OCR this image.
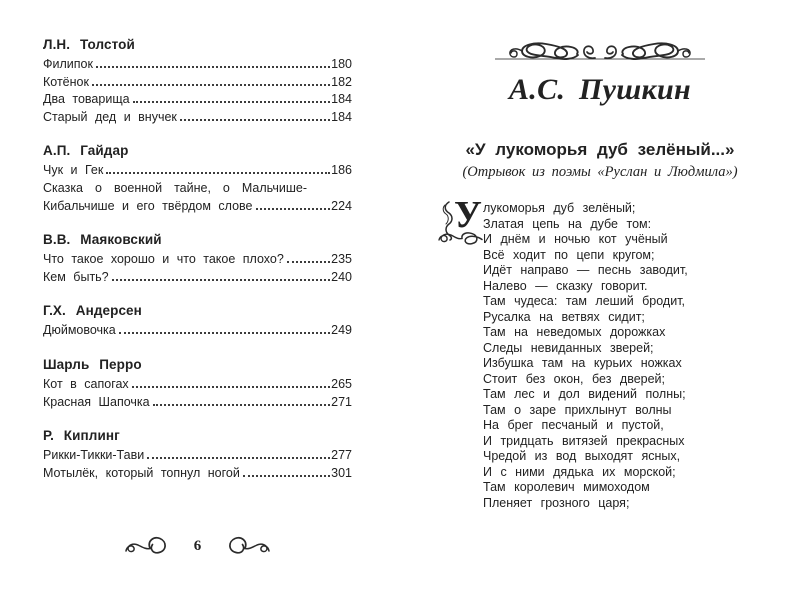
Л.Н. Толстой
Филипок	180
Котёнок	182
Два товарища	184
Старый дед и внучек	184
А.П. Гайдар
Чук и Гек	186
Сказка о военной тайне, о Мальчише-
Кибальчише и его твёрдом слове	224
В.В. Маяковский
Что такое хорошо и что такое плохо?	235
Кем быть?	240
Г.Х. Андерсен
Дюймовочка	249
Шарль Перро
Кот в сапогах	265
Красная Шапочка	271
Р. Киплинг
Рикки-Тикки-Тави	277
Мотылёк, который топнул ногой	301
6
А.С. Пушкин
«У лукоморья дуб зелёный...»
(Отрывок из поэмы «Руслан и Людмила»)
У лукоморья дуб зелёный;
Златая цепь на дубе том:
И днём и ночью кот учёный
Всё ходит по цепи кругом;
Идёт направо — песнь заводит,
Налево — сказку говорит.
Там чудеса: там леший бродит,
Русалка на ветвях сидит;
Там на неведомых дорожках
Следы невиданных зверей;
Избушка там на курьих ножках
Стоит без окон, без дверей;
Там лес и дол видений полны;
Там о заре прихлынут волны
На брег песчаный и пустой,
И тридцать витязей прекрасных
Чредой из вод выходят ясных,
И с ними дядька их морской;
Там королевич мимоходом
Пленяет грозного царя;
